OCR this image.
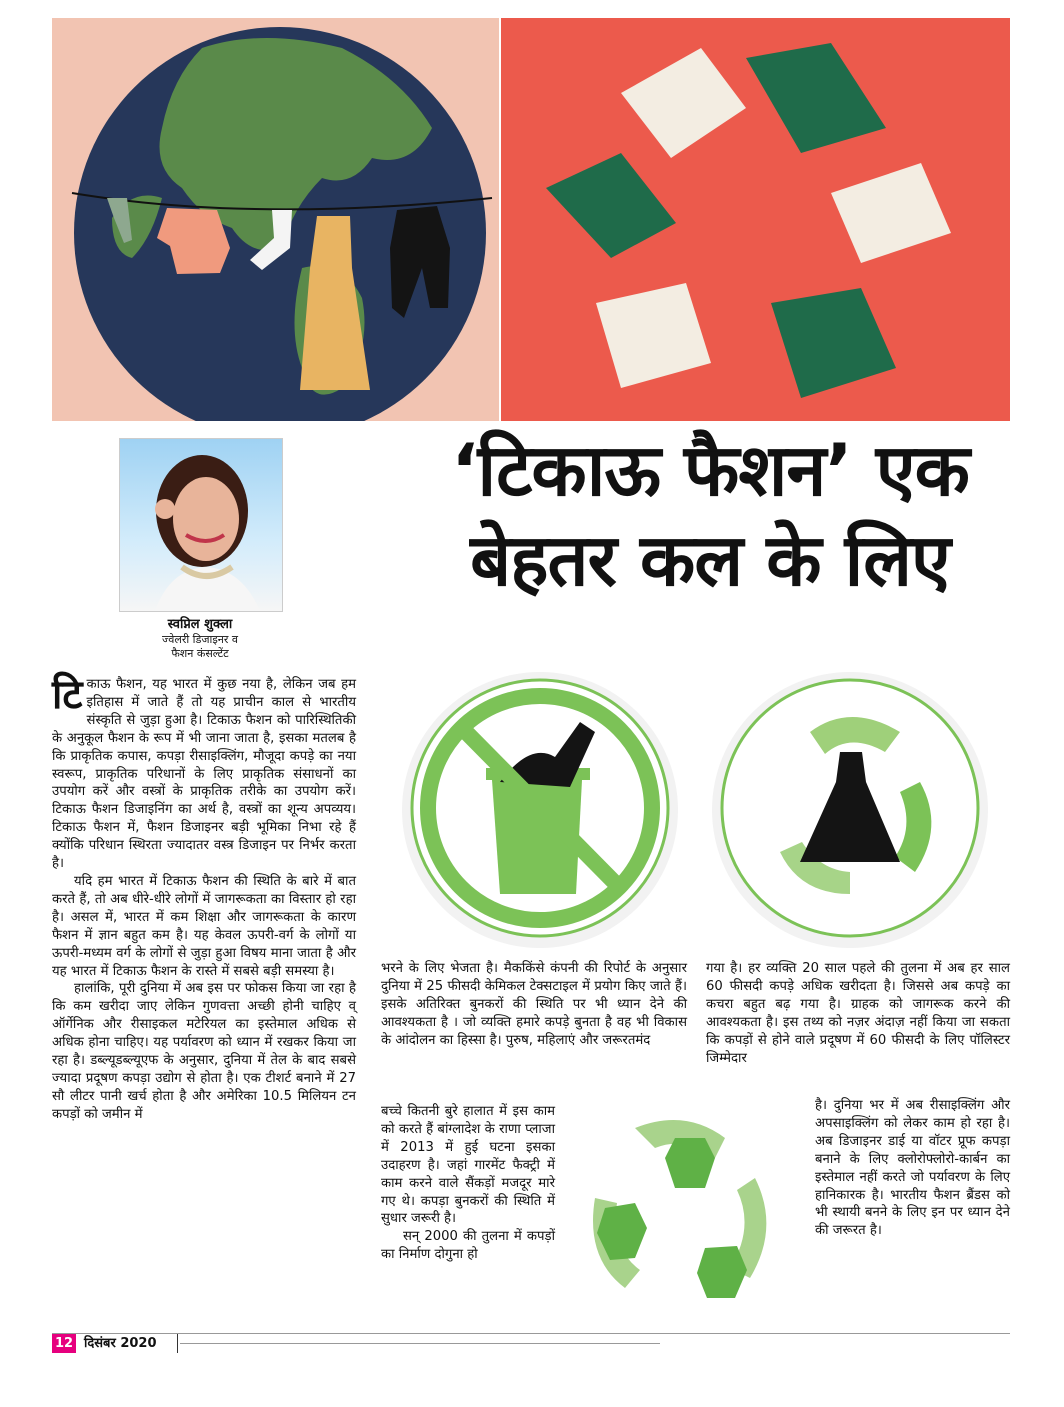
स्वप्निल शुक्ला
ज्वेलरी डिजाइनर व
फैशन कंसल्टेंट
‘टिकाऊ फैशन’ एक
बेहतर कल के लिए

टिकाऊ फैशन, यह भारत में कुछ नया है, लेकिन जब हम इतिहास में जाते हैं तो यह प्राचीन काल से भारतीय संस्कृति से जुड़ा हुआ है। टिकाऊ फैशन को पारिस्थितिकी के अनुकूल फैशन के रूप में भी जाना जाता है, इसका मतलब है कि प्राकृतिक कपास, कपड़ा रीसाइक्लिंग, मौजूदा कपड़े का नया स्वरूप, प्राकृतिक परिधानों के लिए प्राकृतिक संसाधनों का उपयोग करें और वस्त्रों के प्राकृतिक तरीके का उपयोग करें। टिकाऊ फैशन डिजाइनिंग का अर्थ है, वस्त्रों का शून्य अपव्यय। टिकाऊ फैशन में, फैशन डिजाइनर बड़ी भूमिका निभा रहे हैं क्योंकि परिधान स्थिरता ज्यादातर वस्त्र डिजाइन पर निर्भर करता है।

यदि हम भारत में टिकाऊ फैशन की स्थिति के बारे में बात करते हैं, तो अब धीरे-धीरे लोगों में जागरूकता का विस्तार हो रहा है। असल में, भारत में कम शिक्षा और जागरूकता के कारण फैशन में ज्ञान बहुत कम है। यह केवल ऊपरी-वर्ग के लोगों या ऊपरी-मध्यम वर्ग के लोगों से जुड़ा हुआ विषय माना जाता है और यह भारत में टिकाऊ फैशन के रास्ते में सबसे बड़ी समस्या है।

हालांकि, पूरी दुनिया में अब इस पर फोकस किया जा रहा है कि कम खरीदा जाए लेकिन गुणवत्ता अच्छी होनी चाहिए व् ऑर्गेनिक और रीसाइकल मटेरियल का इस्तेमाल अधिक से अधिक होना चाहिए। यह पर्यावरण को ध्यान में रखकर किया जा रहा है। डब्ल्यूडब्ल्यूएफ के अनुसार, दुनिया में तेल के बाद सबसे ज्यादा प्रदूषण कपड़ा उद्योग से होता है। एक टीशर्ट बनाने में 27 सौ लीटर पानी खर्च होता है और अमेरिका 10.5 मिलियन टन कपड़ों को जमीन में

भरने के लिए भेजता है। मैककिंसे कंपनी की रिपोर्ट के अनुसार दुनिया में 25 फीसदी केमिकल टेक्सटाइल में प्रयोग किए जाते हैं। इसके अतिरिक्त बुनकरों की स्थिति पर भी ध्यान देने की आवश्यकता है । जो व्यक्ति हमारे कपड़े बुनता है वह भी विकास के आंदोलन का हिस्सा है। पुरुष, महिलाएं और जरूरतमंद

बच्चे कितनी बुरे हालात में इस काम को करते हैं बांग्लादेश के राणा प्लाजा में 2013 में हुई घटना इसका उदाहरण है। जहां गारमेंट फैक्ट्री में काम करने वाले सैंकड़ों मजदूर मारे गए थे। कपड़ा बुनकरों की स्थिति में सुधार जरूरी है।

सन् 2000 की तुलना में कपड़ों का निर्माण दोगुना हो

गया है। हर व्यक्ति 20 साल पहले की तुलना में अब हर साल 60 फीसदी कपड़े अधिक खरीदता है। जिससे अब कपड़े का कचरा बहुत बढ़ गया है। ग्राहक को जागरूक करने की आवश्यकता है। इस तथ्य को नज़र अंदाज़ नहीं किया जा सकता कि कपड़ों से होने वाले प्रदूषण में 60 फीसदी के लिए पॉलिस्टर जिम्मेदार

है। दुनिया भर में अब रीसाइक्लिंग और अपसाइक्लिंग को लेकर काम हो रहा है। अब डिजाइनर डाई या वॉटर प्रूफ कपड़ा बनाने के लिए क्लोरोफ्लोरो-कार्बन का इस्तेमाल नहीं करते जो पर्यावरण के लिए हानिकारक है। भारतीय फैशन ब्रैंडस को भी स्थायी बनने के लिए इन पर ध्यान देने की जरूरत है।

12 दिसंबर 2020
